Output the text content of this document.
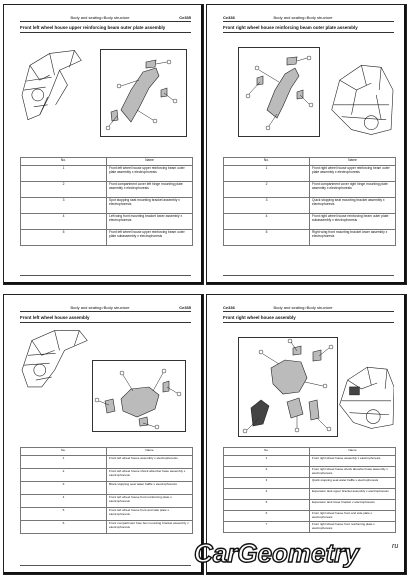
Body and seating>Body structure	Ce335
Front left wheel house upper reinforcing beam outer plate assembly
No.	Name
1	Front left wheel house upper reinforcing beam outer plate assembly x electrophoresis
2	Front compartment cover left hinge mounting plate assembly x electrophoresis
3	Spot stopping seat mounting bracket assembly x electrophoresis
4	Left wing front mounting bracket lower assembly x electrophoresis
5	Front left wheel house upper reinforcing beam outer plate subassembly x electrophoresis
Ce336	Body and seating>Body structure
Front right wheel house reinforcing beam outer plate assembly
No.	Name
1	Front right wheel house upper reinforcing beam outer plate assembly x electrophoresis
2	Front compartment cover right hinge mounting plate assembly x electrophoresis
3	Quick stopping seat mounting bracket assembly x electrophoresis
4	Front right wheel house reinforcing beam outer plate subassembly x electrophoresis
5	Right wing front mounting bracket lower assembly x electrophoresis
Body and seating>Body structure	Ce335
Front left wheel house assembly
No.	Name
1	Front left wheel house assembly x electrophoresis
2	Front left wheel house shock absorber base assembly x electrophoresis
3	Block stopping seat water baffle x electrophoresis
4	Front left wheel house front reinforcing plate x electrophoresis
5	Front left wheel house front and side plate x electrophoresis
6	Front compartment fuse box mounting bracket assembly x electrophoresis
Ce336	Body and seating>Body structure
Front right wheel house assembly
No.	Name
1	Front right wheel house assembly x electrophoresis
2	Front right wheel house shock absorber base assembly x electrophoresis
3	Quick stopping seat water baffle x electrophoresis
4	Expansion tank upper bracket assembly x electrophoresis
5	Expansion tank lower bracket x electrophoresis
6	Front right wheel house front and side plate x electrophoresis
7	Front right wheel house front reinforcing plate x electrophoresis
CarGeometry	ru
